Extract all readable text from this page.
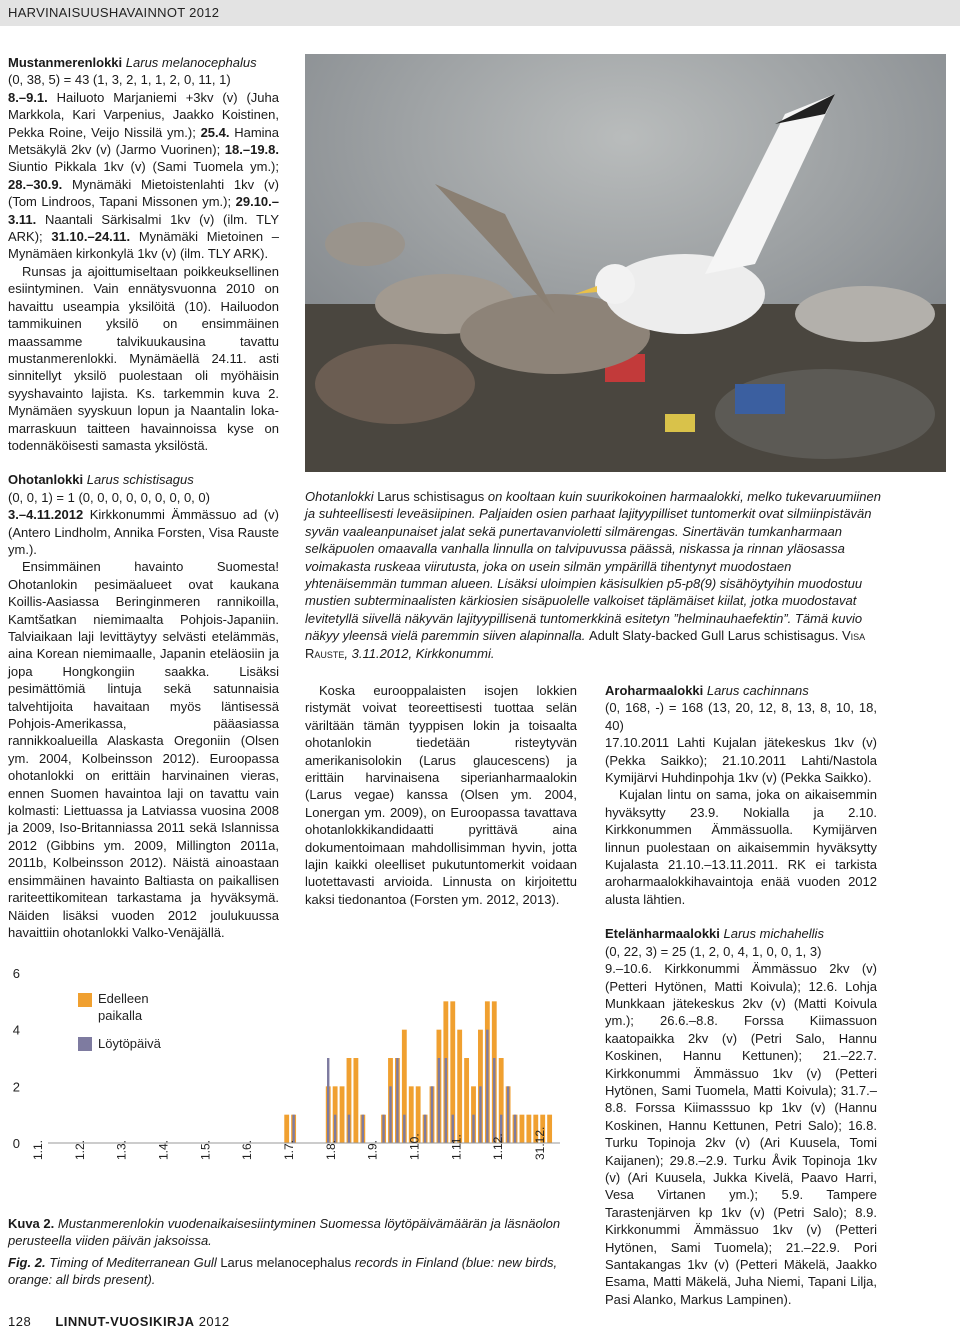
HARVINAISUUSHAVAINNOT 2012

Mustanmerenlokki Larus melanocephalus

(0, 38, 5) = 43 (1, 3, 2, 1, 1, 2, 0, 11, 1)

8.–9.1. Hailuoto Marjaniemi +3kv (v) (Juha Markkola, Kari Varpenius, Jaakko Koistinen, Pekka Roine, Veijo Nissilä ym.); 25.4. Hamina Metsäkylä 2kv (v) (Jarmo Vuorinen); 18.–19.8. Siuntio Pikkala 1kv (v) (Sami Tuomela ym.); 28.–30.9. Mynämäki Mietoistenlahti 1kv (v) (Tom Lindroos, Tapani Missonen ym.); 29.10.–3.11. Naantali Särkisalmi 1kv (v) (ilm. TLY ARK); 31.10.–24.11. Mynämäki Mietoinen – Mynämäen kirkonkylä 1kv (v) (ilm. TLY ARK).

Runsas ja ajoittumiseltaan poikkeuksellinen esiintyminen. Vain ennätysvuonna 2010 on havaittu useampia yksilöitä (10). Hailuodon tammikuinen yksilö on ensimmäinen maassamme talvikuukausina tavattu mustanmerenlokki. Mynämäellä 24.11. asti sinnitellyt yksilö puolestaan oli myöhäisin syyshavainto lajista. Ks. tarkemmin kuva 2. Mynämäen syyskuun lopun ja Naantalin loka-marraskuun taitteen havainnoissa kyse on todennäköisesti samasta yksilöstä.

Ohotanlokki Larus schistisagus

(0, 0, 1) = 1 (0, 0, 0, 0, 0, 0, 0, 0, 0)

3.–4.11.2012 Kirkkonummi Ämmässuo ad (v) (Antero Lindholm, Annika Forsten, Visa Rauste ym.).

Ensimmäinen havainto Suomesta! Ohotanlokin pesimäalueet ovat kaukana Koillis-Aasiassa Beringinmeren rannikoilla, Kamtšatkan niemimaalta Pohjois-Japaniin. Talviaikaan laji levittäytyy selvästi etelämmäs, aina Korean niemimaalle, Japanin eteläosiin ja jopa Hongkongiin saakka. Lisäksi pesimättömiä lintuja sekä satunnaisia talvehtijoita havaitaan myös läntisessä Pohjois-Amerikassa, pääasiassa rannikkoalueilla Alaskasta Oregoniin (Olsen ym. 2004, Kolbeinsson 2012). Euroopassa ohotanlokki on erittäin harvinainen vieras, ennen Suomen havaintoa laji on tavattu vain kolmasti: Liettuassa ja Latviassa vuosina 2008 ja 2009, Iso-Britanniassa 2011 sekä Islannissa 2012 (Gibbins ym. 2009, Millington 2011a, 2011b, Kolbeinsson 2012). Näistä ainoastaan ensimmäinen havainto Baltiasta on paikallisen rariteettikomitean tarkastama ja hyväksymä. Näiden lisäksi vuoden 2012 joulukuussa havaittiin ohotanlokki Valko-Venäjällä.

Ohotanlokki Larus schistisagus on kooltaan kuin suurikokoinen harmaalokki, melko tukevaruumiinen ja suhteellisesti leveäsiipinen. Paljaiden osien parhaat lajityypilliset tuntomerkit ovat silmiinpistävän syvän vaaleanpunaiset jalat sekä punertavanvioletti silmärengas. Sinertävän tumkanharmaan selkäpuolen omaavalla vanhalla linnulla on talvipuvussa päässä, niskassa ja rinnan yläosassa voimakasta ruskeaa viirutusta, joka on usein silmän ympärillä tihentynyt muodostaen yhtenäisemmän tumman alueen. Lisäksi uloimpien käsisulkien p5-p8(9) sisähöytyihin muodostuu mustien subterminaalisten kärkiosien sisäpuolelle valkoiset täplämäiset kiilat, jotka muodostavat levitetyllä siivellä näkyvän lajityypillisenä tuntomerkkinä esitetyn ”helminauhaefektin”. Tämä kuvio näkyy yleensä vielä paremmin siiven alapinnalla. Adult Slaty-backed Gull Larus schistisagus. Visa Rauste, 3.11.2012, Kirkkonummi.

Koska eurooppalaisten isojen lokkien ristymät voivat teoreettisesti tuottaa selän väriltään tämän tyyppisen lokin ja toisaalta ohotanlokin tiedetään risteytyvän amerikanisolokin (Larus glaucescens) ja erittäin harvinaisena siperianharmaalokin (Larus vegae) kanssa (Olsen ym. 2004, Lonergan ym. 2009), on Euroopassa tavattava ohotanlokkikandidaatti pyrittävä aina dokumentoimaan mahdollisimman hyvin, jotta lajin kaikki oleelliset pukutuntomerkit voidaan luotettavasti arvioida. Linnusta on kirjoitettu kaksi tiedonantoa (Forsten ym. 2012, 2013).

Aroharmaalokki Larus cachinnans

(0, 168, -) = 168 (13, 20, 12, 8, 13, 8, 10, 18, 40)

17.10.2011 Lahti Kujalan jätekeskus 1kv (v) (Pekka Saikko); 21.10.2011 Lahti/Nastola Kymijärvi Huhdinpohja 1kv (v) (Pekka Saikko).

Kujalan lintu on sama, joka on aikaisemmin hyväksytty 23.9. Nokialla ja 2.10. Kirkkonummen Ämmässuolla. Kymijärven linnun puolestaan on aikaisemmin hyväksytty Kujalasta 21.10.–13.11.2011. RK ei tarkista aroharmaalokkihavaintoja enää vuoden 2012 alusta lähtien.

Etelänharmaalokki Larus michahellis

(0, 22, 3) = 25 (1, 2, 0, 4, 1, 0, 0, 1, 3)

9.–10.6. Kirkkonummi Ämmässuo 2kv (v) (Petteri Hytönen, Matti Koivula); 12.6. Lohja Munkkaan jätekeskus 2kv (v) (Matti Koivula ym.); 26.6.–8.8. Forssa Kiimassuon kaatopaikka 2kv (v) (Petri Salo, Hannu Koskinen, Hannu Kettunen); 21.–22.7. Kirkkonummi Ämmässuo 1kv (v) (Petteri Hytönen, Sami Tuomela, Matti Koivula); 31.7.–8.8. Forssa Kiimasssuo kp 1kv (v) (Hannu Koskinen, Hannu Kettunen, Petri Salo); 16.8. Turku Topinoja 2kv (v) (Ari Kuusela, Tomi Kaijanen); 29.8.–2.9. Turku Åvik Topinoja 1kv (v) (Ari Kuusela, Jukka Kivelä, Paavo Harri, Vesa Virtanen ym.); 5.9. Tampere Tarastenjärven kp 1kv (v) (Petri Salo); 8.9. Kirkkonummi Ämmässuo 1kv (v) (Petteri Hytönen, Sami Tuomela); 21.–22.9. Pori Santakangas 1kv (v) (Petteri Mäkelä, Jaakko Esama, Matti Mäkelä, Juha Niemi, Tapani Lilja, Pasi Alanko, Markus Lampinen).

0
2
4
6
1.1. 1.2. 1.3. 1.4. 1.5. 1.6. 1.7. 1.8. 1.9. 1.10. 1.11. 1.12. 31.12.
Edelleen
paikalla
Löytöpäivä

Kuva 2. Mustanmerenlokin vuodenaikaisesiintyminen Suomessa löytöpäivämäärän ja läsnäolon perusteella viiden päivän jaksoissa.

Fig. 2. Timing of Mediterranean Gull Larus melanocephalus records in Finland (blue: new birds, orange: all birds present).

128 LINNUT-VUOSIKIRJA 2012
